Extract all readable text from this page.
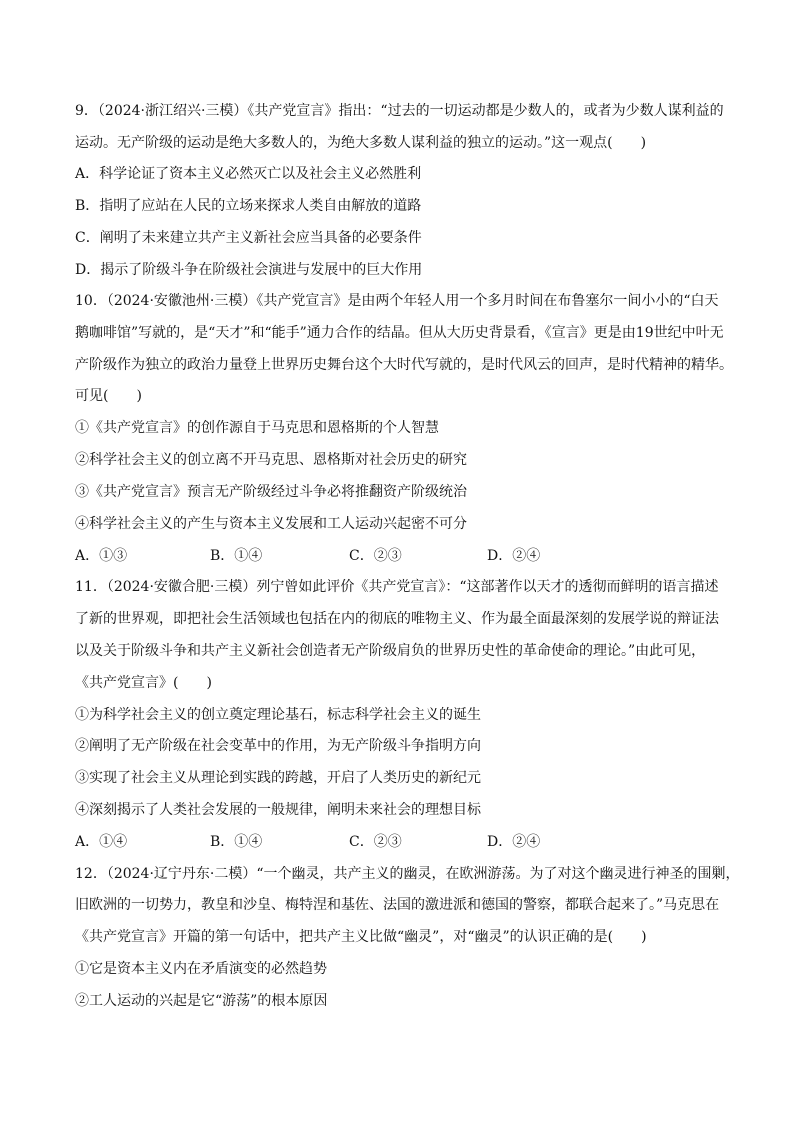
9．（2024·浙江绍兴·三模）《共产党宣言》指出：“过去的一切运动都是少数人的，或者为少数人谋利益的
运动。无产阶级的运动是绝大多数人的，为绝大多数人谋利益的独立的运动。”这一观点(　　)
A．科学论证了资本主义必然灭亡以及社会主义必然胜利
B．指明了应站在人民的立场来探求人类自由解放的道路
C．阐明了未来建立共产主义新社会应当具备的必要条件
D．揭示了阶级斗争在阶级社会演进与发展中的巨大作用
10．（2024·安徽池州·三模）《共产党宣言》是由两个年轻人用一个多月时间在布鲁塞尔一间小小的“白天
鹅咖啡馆”写就的，是“天才”和“能手”通力合作的结晶。但从大历史背景看，《宣言》更是由19世纪中叶无
产阶级作为独立的政治力量登上世界历史舞台这个大时代写就的，是时代风云的回声，是时代精神的精华。
可见(　　)
①《共产党宣言》的创作源自于马克思和恩格斯的个人智慧
②科学社会主义的创立离不开马克思、恩格斯对社会历史的研究
③《共产党宣言》预言无产阶级经过斗争必将推翻资产阶级统治
④科学社会主义的产生与资本主义发展和工人运动兴起密不可分
A．①③	B．①④	C．②③	D．②④
11．（2024·安徽合肥·三模）列宁曾如此评价《共产党宣言》：“这部著作以天才的透彻而鲜明的语言描述
了新的世界观，即把社会生活领域也包括在内的彻底的唯物主义、作为最全面最深刻的发展学说的辩证法
以及关于阶级斗争和共产主义新社会创造者无产阶级肩负的世界历史性的革命使命的理论。”由此可见，
《共产党宣言》(　　)
①为科学社会主义的创立奠定理论基石，标志科学社会主义的诞生
②阐明了无产阶级在社会变革中的作用，为无产阶级斗争指明方向
③实现了社会主义从理论到实践的跨越，开启了人类历史的新纪元
④深刻揭示了人类社会发展的一般规律，阐明未来社会的理想目标
A．①④	B．①④	C．②③	D．②④
12．（2024·辽宁丹东·二模）“一个幽灵，共产主义的幽灵，在欧洲游荡。为了对这个幽灵进行神圣的围剿，
旧欧洲的一切势力，教皇和沙皇、梅特涅和基佐、法国的激进派和德国的警察，都联合起来了。”马克思在
《共产党宣言》开篇的第一句话中，把共产主义比做“幽灵”，对“幽灵”的认识正确的是(　　)
①它是资本主义内在矛盾演变的必然趋势
②工人运动的兴起是它“游荡”的根本原因
